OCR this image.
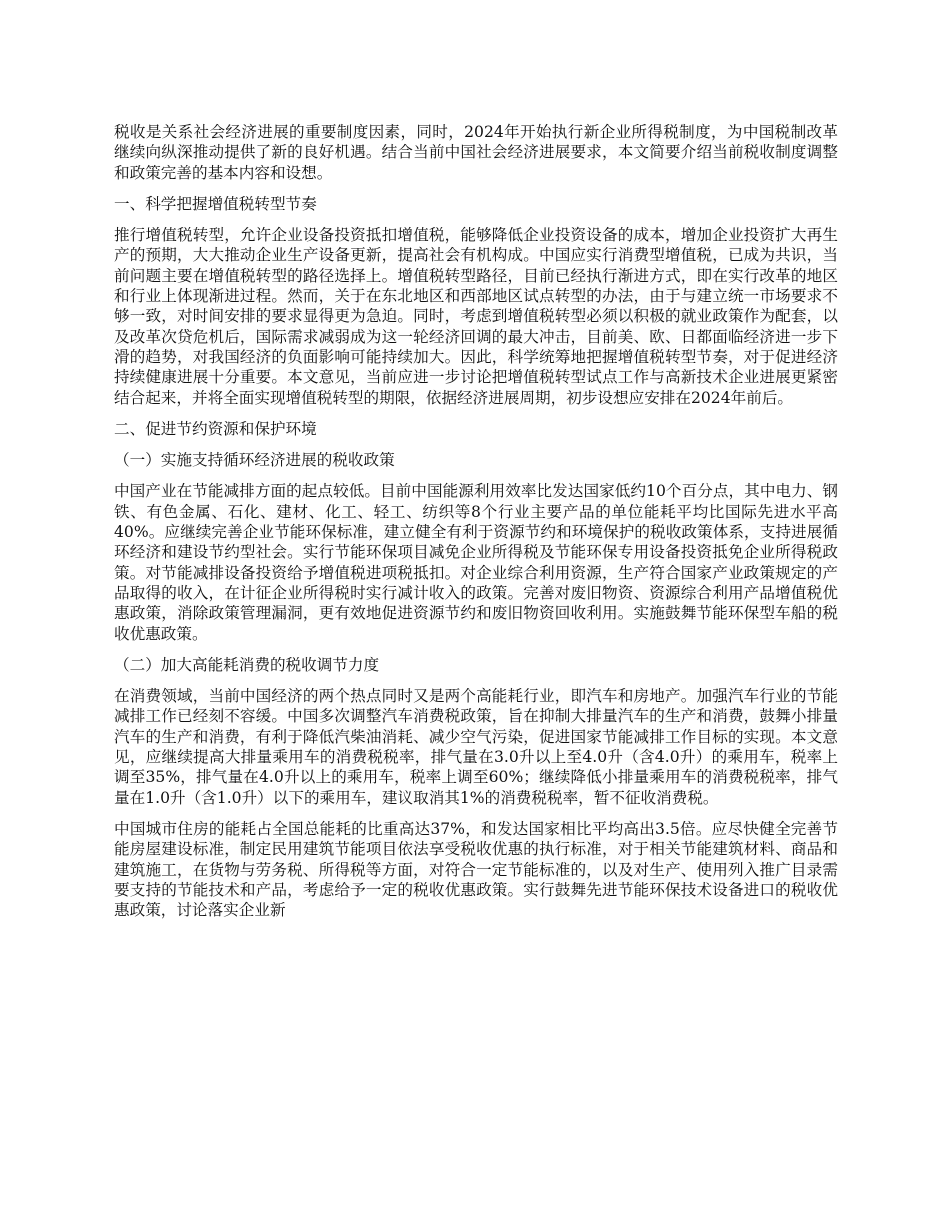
税收是关系社会经济进展的重要制度因素，同时，2024年开始执行新企业所得税制度，为中国税制改革继续向纵深推动提供了新的良好机遇。结合当前中国社会经济进展要求，本文简要介绍当前税收制度调整和政策完善的基本内容和设想。

一、科学把握增值税转型节奏

推行增值税转型，允许企业设备投资抵扣增值税，能够降低企业投资设备的成本，增加企业投资扩大再生产的预期，大大推动企业生产设备更新，提高社会有机构成。中国应实行消费型增值税，已成为共识，当前问题主要在增值税转型的路径选择上。增值税转型路径，目前已经执行渐进方式，即在实行改革的地区和行业上体现渐进过程。然而，关于在东北地区和西部地区试点转型的办法，由于与建立统一市场要求不够一致，对时间安排的要求显得更为急迫。同时，考虑到增值税转型必须以积极的就业政策作为配套，以及改革次贷危机后，国际需求减弱成为这一轮经济回调的最大冲击，目前美、欧、日都面临经济进一步下滑的趋势，对我国经济的负面影响可能持续加大。因此，科学统筹地把握增值税转型节奏，对于促进经济持续健康进展十分重要。本文意见，当前应进一步讨论把增值税转型试点工作与高新技术企业进展更紧密结合起来，并将全面实现增值税转型的期限，依据经济进展周期，初步设想应安排在2024年前后。

二、促进节约资源和保护环境

（一）实施支持循环经济进展的税收政策

中国产业在节能减排方面的起点较低。目前中国能源利用效率比发达国家低约10个百分点，其中电力、钢铁、有色金属、石化、建材、化工、轻工、纺织等8个行业主要产品的单位能耗平均比国际先进水平高40%。应继续完善企业节能环保标准，建立健全有利于资源节约和环境保护的税收政策体系，支持进展循环经济和建设节约型社会。实行节能环保项目减免企业所得税及节能环保专用设备投资抵免企业所得税政策。对节能减排设备投资给予增值税进项税抵扣。对企业综合利用资源，生产符合国家产业政策规定的产品取得的收入，在计征企业所得税时实行减计收入的政策。完善对废旧物资、资源综合利用产品增值税优惠政策，消除政策管理漏洞，更有效地促进资源节约和废旧物资回收利用。实施鼓舞节能环保型车船的税收优惠政策。

（二）加大高能耗消费的税收调节力度

在消费领域，当前中国经济的两个热点同时又是两个高能耗行业，即汽车和房地产。加强汽车行业的节能减排工作已经刻不容缓。中国多次调整汽车消费税政策，旨在抑制大排量汽车的生产和消费，鼓舞小排量汽车的生产和消费，有利于降低汽柴油消耗、减少空气污染，促进国家节能减排工作目标的实现。本文意见，应继续提高大排量乘用车的消费税税率，排气量在3.0升以上至4.0升（含4.0升）的乘用车，税率上调至35%，排气量在4.0升以上的乘用车，税率上调至60%；继续降低小排量乘用车的消费税税率，排气量在1.0升（含1.0升）以下的乘用车，建议取消其1%的消费税税率，暂不征收消费税。

中国城市住房的能耗占全国总能耗的比重高达37%，和发达国家相比平均高出3.5倍。应尽快健全完善节能房屋建设标准，制定民用建筑节能项目依法享受税收优惠的执行标准，对于相关节能建筑材料、商品和建筑施工，在货物与劳务税、所得税等方面，对符合一定节能标准的，以及对生产、使用列入推广目录需要支持的节能技术和产品，考虑给予一定的税收优惠政策。实行鼓舞先进节能环保技术设备进口的税收优惠政策，讨论落实企业新
